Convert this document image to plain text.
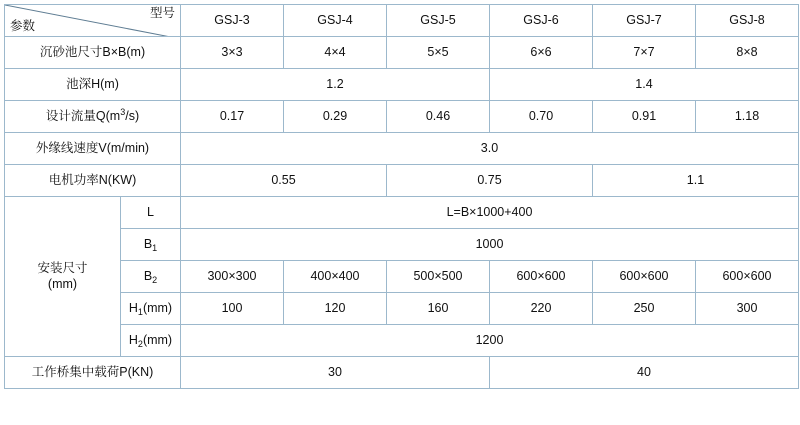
型号
参数		GSJ-3	GSJ-4	GSJ-5	GSJ-6	GSJ-7	GSJ-8
沉砂池尺寸B×B(m)		3×3	4×4	5×5	6×6	7×7	8×8
池深H(m)		1.2			1.4		
设计流量$Q(m^3/s)$		0.17	0.29	0.46	0.70	0.91	1.18
外缘线速度V(m/min)		3.0					
电机功率N(KW)		0.55		0.75		1.1	

安装尺寸
(mm)	L	L=B×1000+400					
	$B_1$	1000					
	$B_2$	300×300	400×400	500×500	600×600	600×600	600×600
	$H_1(mm)$	100	120	160	220	250	300
	$H_2(mm)$	1200					
工作桥集中载荷P(KN)		30			40		
